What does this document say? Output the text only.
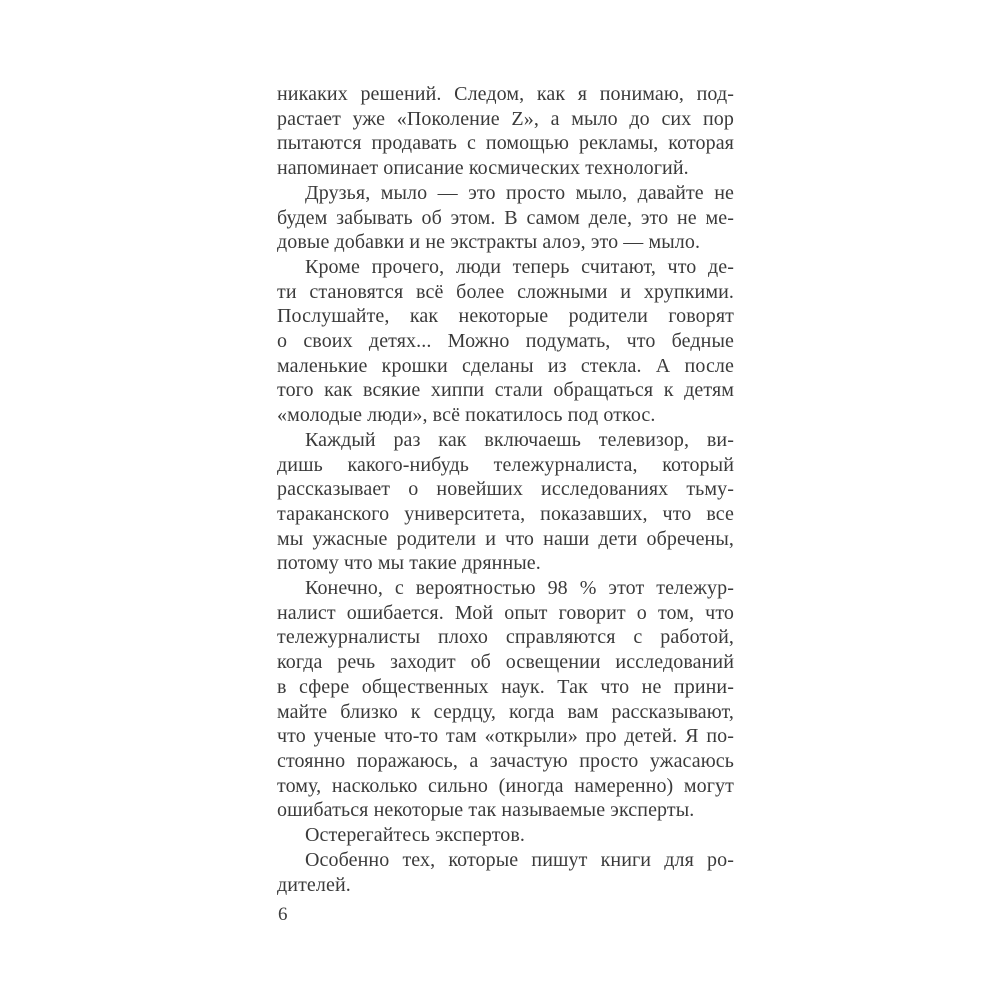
никаких решений. Следом, как я понимаю, под-
растает уже «Поколение Z», а мыло до сих пор
пытаются продавать с помощью рекламы, которая
напоминает описание космических технологий.
Друзья, мыло — это просто мыло, давайте не
будем забывать об этом. В самом деле, это не ме-
довые добавки и не экстракты алоэ, это — мыло.
Кроме прочего, люди теперь считают, что де-
ти становятся всё более сложными и хрупкими.
Послушайте, как некоторые родители говорят
о своих детях... Можно подумать, что бедные
маленькие крошки сделаны из стекла. А после
того как всякие хиппи стали обращаться к детям
«молодые люди», всё покатилось под откос.
Каждый раз как включаешь телевизор, ви-
дишь какого-нибудь тележурналиста, который
рассказывает о новейших исследованиях тьму-
тараканского университета, показавших, что все
мы ужасные родители и что наши дети обречены,
потому что мы такие дрянные.
Конечно, с вероятностью 98 % этот тележур-
налист ошибается. Мой опыт говорит о том, что
тележурналисты плохо справляются с работой,
когда речь заходит об освещении исследований
в сфере общественных наук. Так что не прини-
майте близко к сердцу, когда вам рассказывают,
что ученые что-то там «открыли» про детей. Я по-
стоянно поражаюсь, а зачастую просто ужасаюсь
тому, насколько сильно (иногда намеренно) могут
ошибаться некоторые так называемые эксперты.
Остерегайтесь экспертов.
Особенно тех, которые пишут книги для ро-
дителей.
6
